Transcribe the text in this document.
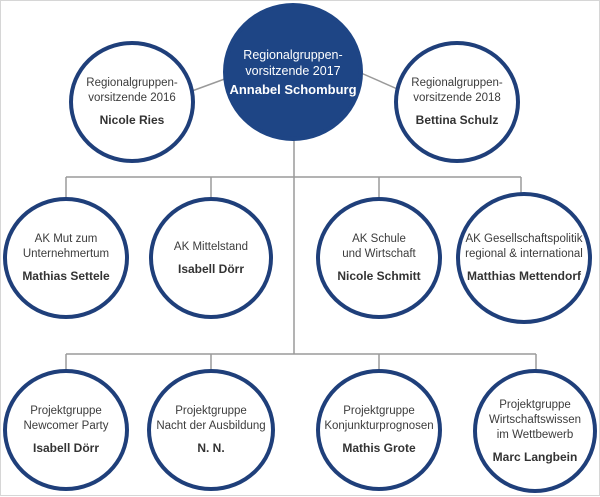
Regionalgruppen-
vorsitzende 2017
Annabel Schomburg
Regionalgruppen-
vorsitzende 2016
Nicole Ries
Regionalgruppen-
vorsitzende 2018
Bettina Schulz
AK Mut zum
Unternehmertum
Mathias Settele
AK Mittelstand
Isabell Dörr
AK Schule
und Wirtschaft
Nicole Schmitt
AK Gesellschaftspolitik
regional & international
Matthias Mettendorf
Projektgruppe
Newcomer Party
Isabell Dörr
Projektgruppe
Nacht der Ausbildung
N. N.
Projektgruppe
Konjunkturprognosen
Mathis Grote
Projektgruppe
Wirtschaftswissen
im Wettbewerb
Marc Langbein
